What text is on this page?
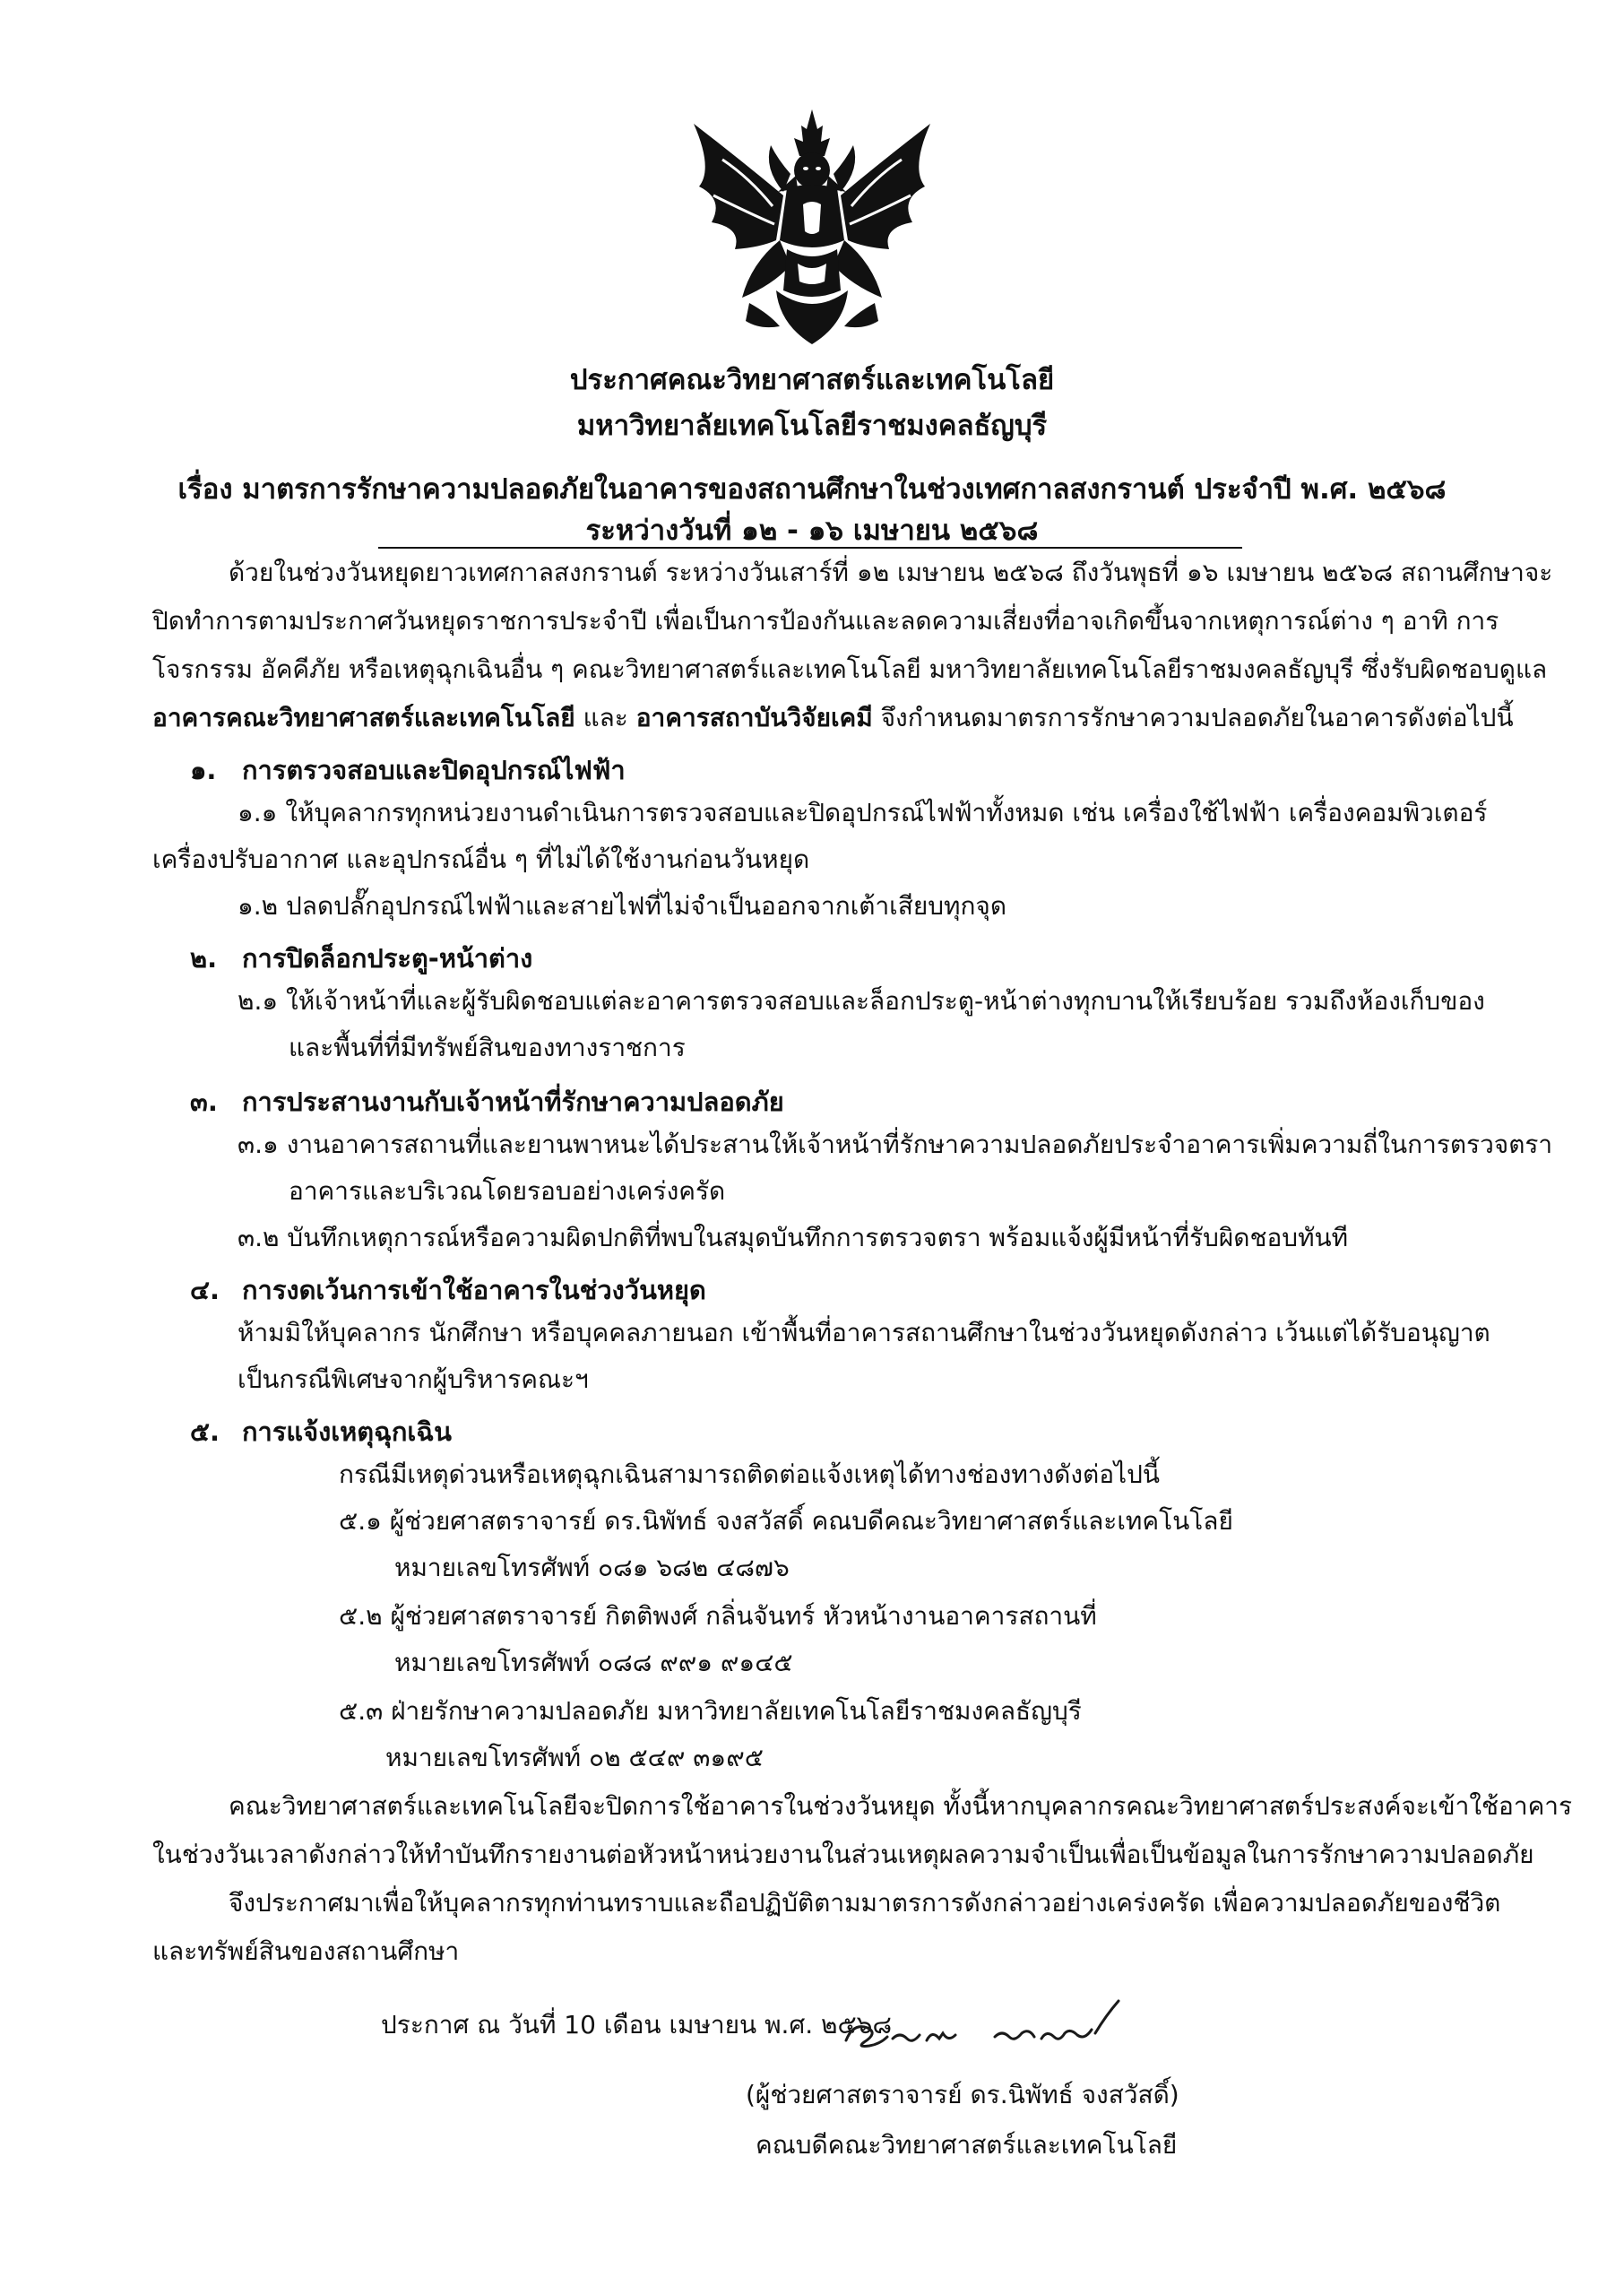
ประกาศคณะวิทยาศาสตร์และเทคโนโลยี
มหาวิทยาลัยเทคโนโลยีราชมงคลธัญบุรี
เรื่อง มาตรการรักษาความปลอดภัยในอาคารของสถานศึกษาในช่วงเทศกาลสงกรานต์ ประจำปี พ.ศ. ๒๕๖๘
ระหว่างวันที่ ๑๒ - ๑๖ เมษายน ๒๕๖๘
ด้วยในช่วงวันหยุดยาวเทศกาลสงกรานต์ ระหว่างวันเสาร์ที่ ๑๒ เมษายน ๒๕๖๘ ถึงวันพุธที่ ๑๖ เมษายน ๒๕๖๘ สถานศึกษาจะ
ปิดทำการตามประกาศวันหยุดราชการประจำปี เพื่อเป็นการป้องกันและลดความเสี่ยงที่อาจเกิดขึ้นจากเหตุการณ์ต่าง ๆ อาทิ การ
โจรกรรม อัคคีภัย หรือเหตุฉุกเฉินอื่น ๆ คณะวิทยาศาสตร์และเทคโนโลยี มหาวิทยาลัยเทคโนโลยีราชมงคลธัญบุรี ซึ่งรับผิดชอบดูแล
อาคารคณะวิทยาศาสตร์และเทคโนโลยี และ อาคารสถาบันวิจัยเคมี จึงกำหนดมาตรการรักษาความปลอดภัยในอาคารดังต่อไปนี้
๑. การตรวจสอบและปิดอุปกรณ์ไฟฟ้า
๑.๑ ให้บุคลากรทุกหน่วยงานดำเนินการตรวจสอบและปิดอุปกรณ์ไฟฟ้าทั้งหมด เช่น เครื่องใช้ไฟฟ้า เครื่องคอมพิวเตอร์
เครื่องปรับอากาศ และอุปกรณ์อื่น ๆ ที่ไม่ได้ใช้งานก่อนวันหยุด
๑.๒ ปลดปลั๊กอุปกรณ์ไฟฟ้าและสายไฟที่ไม่จำเป็นออกจากเต้าเสียบทุกจุด
๒. การปิดล็อกประตู-หน้าต่าง
๒.๑ ให้เจ้าหน้าที่และผู้รับผิดชอบแต่ละอาคารตรวจสอบและล็อกประตู-หน้าต่างทุกบานให้เรียบร้อย รวมถึงห้องเก็บของ
และพื้นที่ที่มีทรัพย์สินของทางราชการ
๓. การประสานงานกับเจ้าหน้าที่รักษาความปลอดภัย
๓.๑ งานอาคารสถานที่และยานพาหนะได้ประสานให้เจ้าหน้าที่รักษาความปลอดภัยประจำอาคารเพิ่มความถี่ในการตรวจตรา
อาคารและบริเวณโดยรอบอย่างเคร่งครัด
๓.๒ บันทึกเหตุการณ์หรือความผิดปกติที่พบในสมุดบันทึกการตรวจตรา พร้อมแจ้งผู้มีหน้าที่รับผิดชอบทันที
๔. การงดเว้นการเข้าใช้อาคารในช่วงวันหยุด
ห้ามมิให้บุคลากร นักศึกษา หรือบุคคลภายนอก เข้าพื้นที่อาคารสถานศึกษาในช่วงวันหยุดดังกล่าว เว้นแต่ได้รับอนุญาต
เป็นกรณีพิเศษจากผู้บริหารคณะฯ
๕. การแจ้งเหตุฉุกเฉิน
กรณีมีเหตุด่วนหรือเหตุฉุกเฉินสามารถติดต่อแจ้งเหตุได้ทางช่องทางดังต่อไปนี้
๕.๑ ผู้ช่วยศาสตราจารย์ ดร.นิพัทธ์ จงสวัสดิ์ คณบดีคณะวิทยาศาสตร์และเทคโนโลยี
หมายเลขโทรศัพท์ ๐๘๑ ๖๘๒ ๔๘๗๖
๕.๒ ผู้ช่วยศาสตราจารย์ กิตติพงศ์ กลิ่นจันทร์ หัวหน้างานอาคารสถานที่
หมายเลขโทรศัพท์ ๐๘๘ ๙๙๑ ๙๑๔๕
๕.๓ ฝ่ายรักษาความปลอดภัย มหาวิทยาลัยเทคโนโลยีราชมงคลธัญบุรี
หมายเลขโทรศัพท์ ๐๒ ๕๔๙ ๓๑๙๕
คณะวิทยาศาสตร์และเทคโนโลยีจะปิดการใช้อาคารในช่วงวันหยุด ทั้งนี้หากบุคลากรคณะวิทยาศาสตร์ประสงค์จะเข้าใช้อาคาร
ในช่วงวันเวลาดังกล่าวให้ทำบันทึกรายงานต่อหัวหน้าหน่วยงานในส่วนเหตุผลความจำเป็นเพื่อเป็นข้อมูลในการรักษาความปลอดภัย
จึงประกาศมาเพื่อให้บุคลากรทุกท่านทราบและถือปฏิบัติตามมาตรการดังกล่าวอย่างเคร่งครัด เพื่อความปลอดภัยของชีวิต
และทรัพย์สินของสถานศึกษา
ประกาศ ณ วันที่ 10 เดือน เมษายน พ.ศ. ๒๕๖๘
(ผู้ช่วยศาสตราจารย์ ดร.นิพัทธ์ จงสวัสดิ์)
คณบดีคณะวิทยาศาสตร์และเทคโนโลยี
